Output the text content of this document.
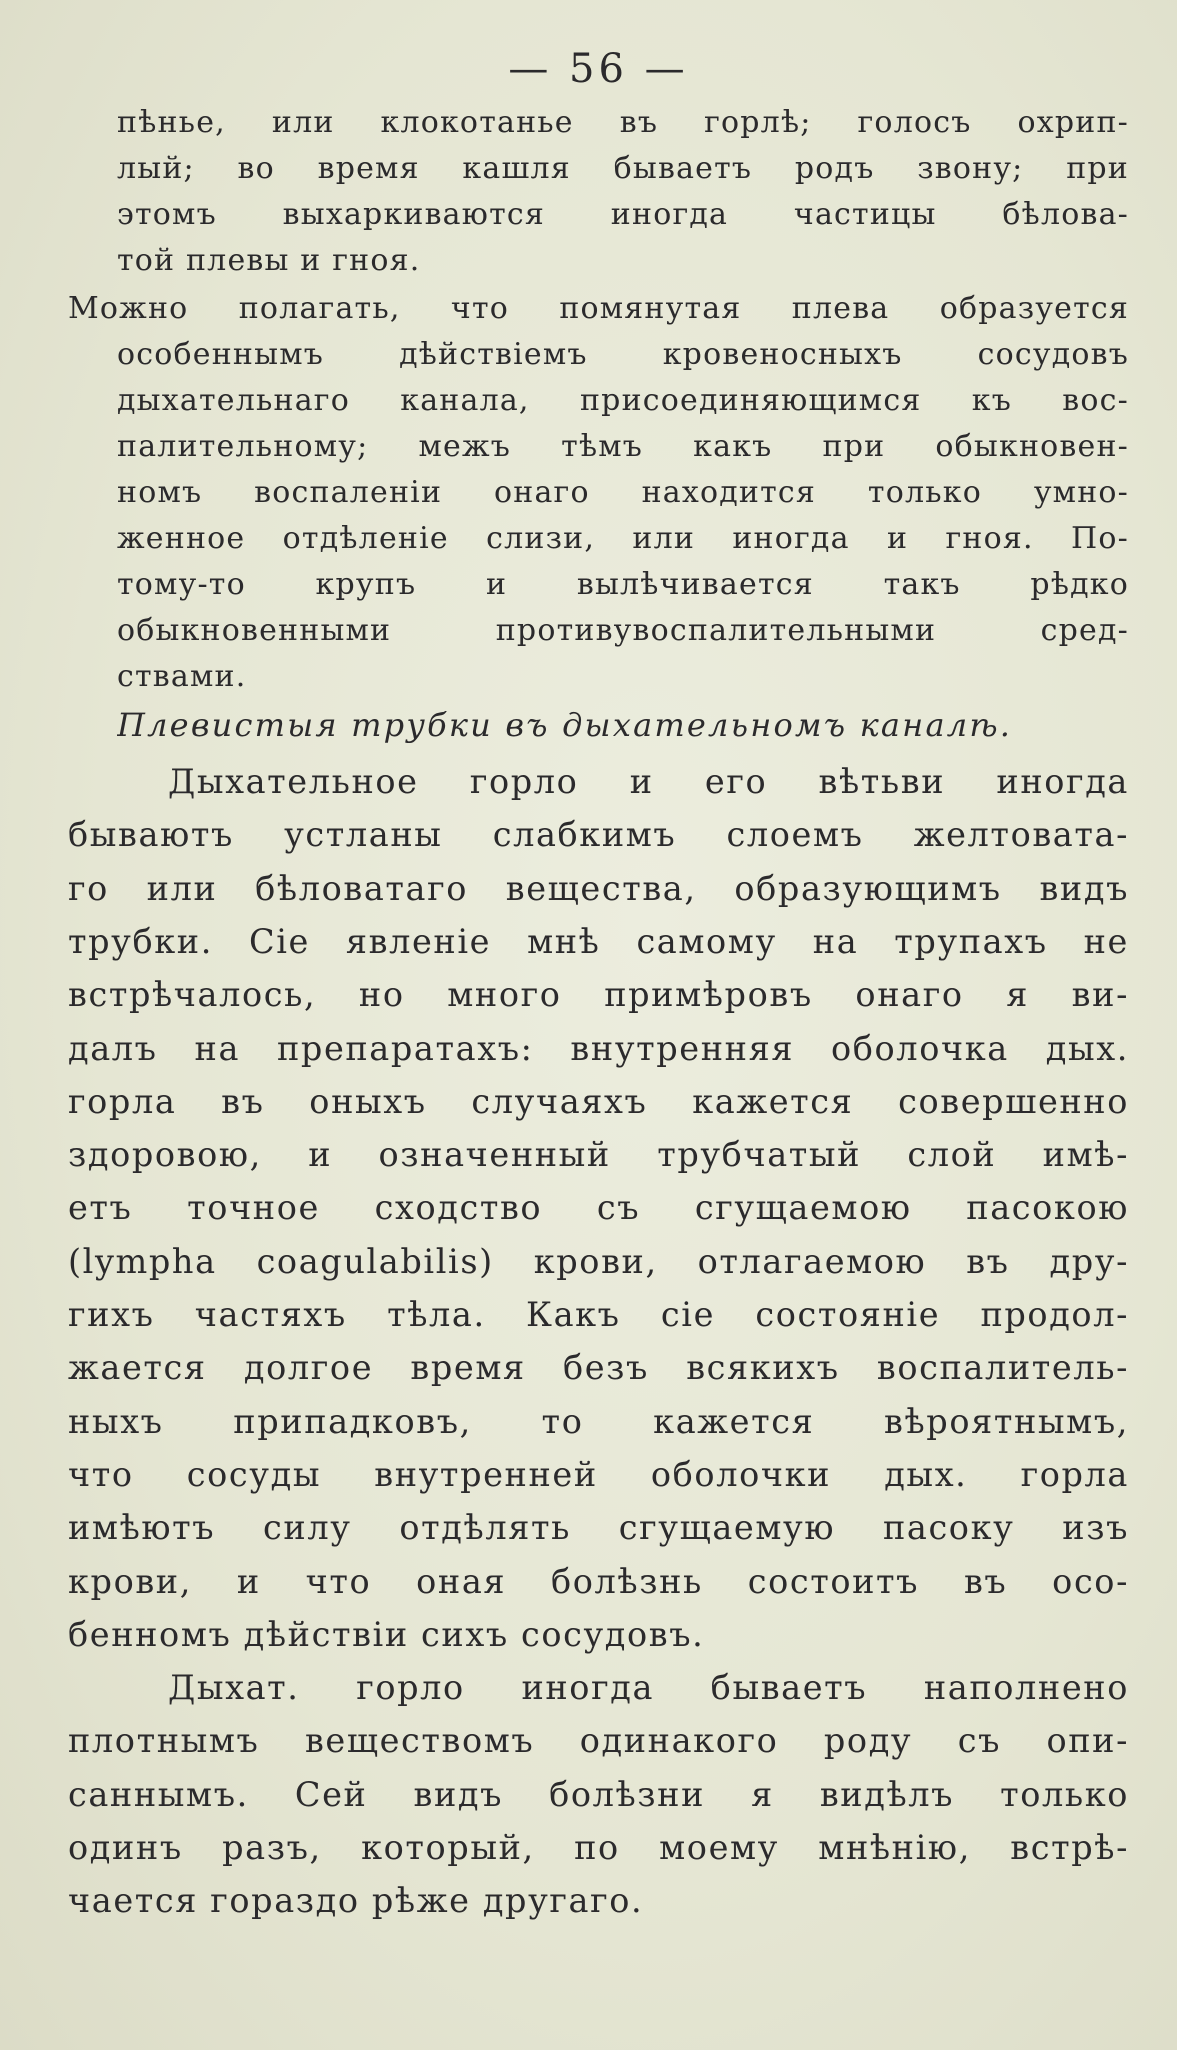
— 56 —
пѣнье, или клокотанье въ горлѣ; голосъ охрип-
лый; во время кашля бываетъ родъ звону; при
этомъ выхаркиваются иногда частицы бѣлова-
той плевы и гноя.
Можно полагать, что помянутая плева образуется
особеннымъ дѣйствіемъ кровеносныхъ сосудовъ
дыхательнаго канала, присоединяющимся къ вос-
палительному; межъ тѣмъ какъ при обыкновен-
номъ воспаленіи онаго находится только умно-
женное отдѣленіе слизи, или иногда и гноя. По-
тому-то крупъ и вылѣчивается такъ рѣдко
обыкновенными противувоспалительными сред-
ствами.
Плевистыя трубки въ дыхательномъ каналѣ.
Дыхательное горло и его вѣтьви иногда
бываютъ устланы слабкимъ слоемъ желтовата-
го или бѣловатаго вещества, образующимъ видъ
трубки. Сіе явленіе мнѣ самому на трупахъ не
встрѣчалось, но много примѣровъ онаго я ви-
далъ на препаратахъ: внутренняя оболочка дых.
горла въ оныхъ случаяхъ кажется совершенно
здоровою, и означенный трубчатый слой имѣ-
етъ точное сходство съ сгущаемою пасокою
(lympha coagulabilis) крови, отлагаемою въ дру-
гихъ частяхъ тѣла. Какъ сіе состояніе продол-
жается долгое время безъ всякихъ воспалитель-
ныхъ припадковъ, то кажется вѣроятнымъ,
что сосуды внутренней оболочки дых. горла
имѣютъ силу отдѣлять сгущаемую пасоку изъ
крови, и что оная болѣзнь состоитъ въ осо-
бенномъ дѣйствіи сихъ сосудовъ.
Дыхат. горло иногда бываетъ наполнено
плотнымъ веществомъ одинакого роду съ опи-
саннымъ. Сей видъ болѣзни я видѣлъ только
одинъ разъ, который, по моему мнѣнію, встрѣ-
чается гораздо рѣже другаго.
